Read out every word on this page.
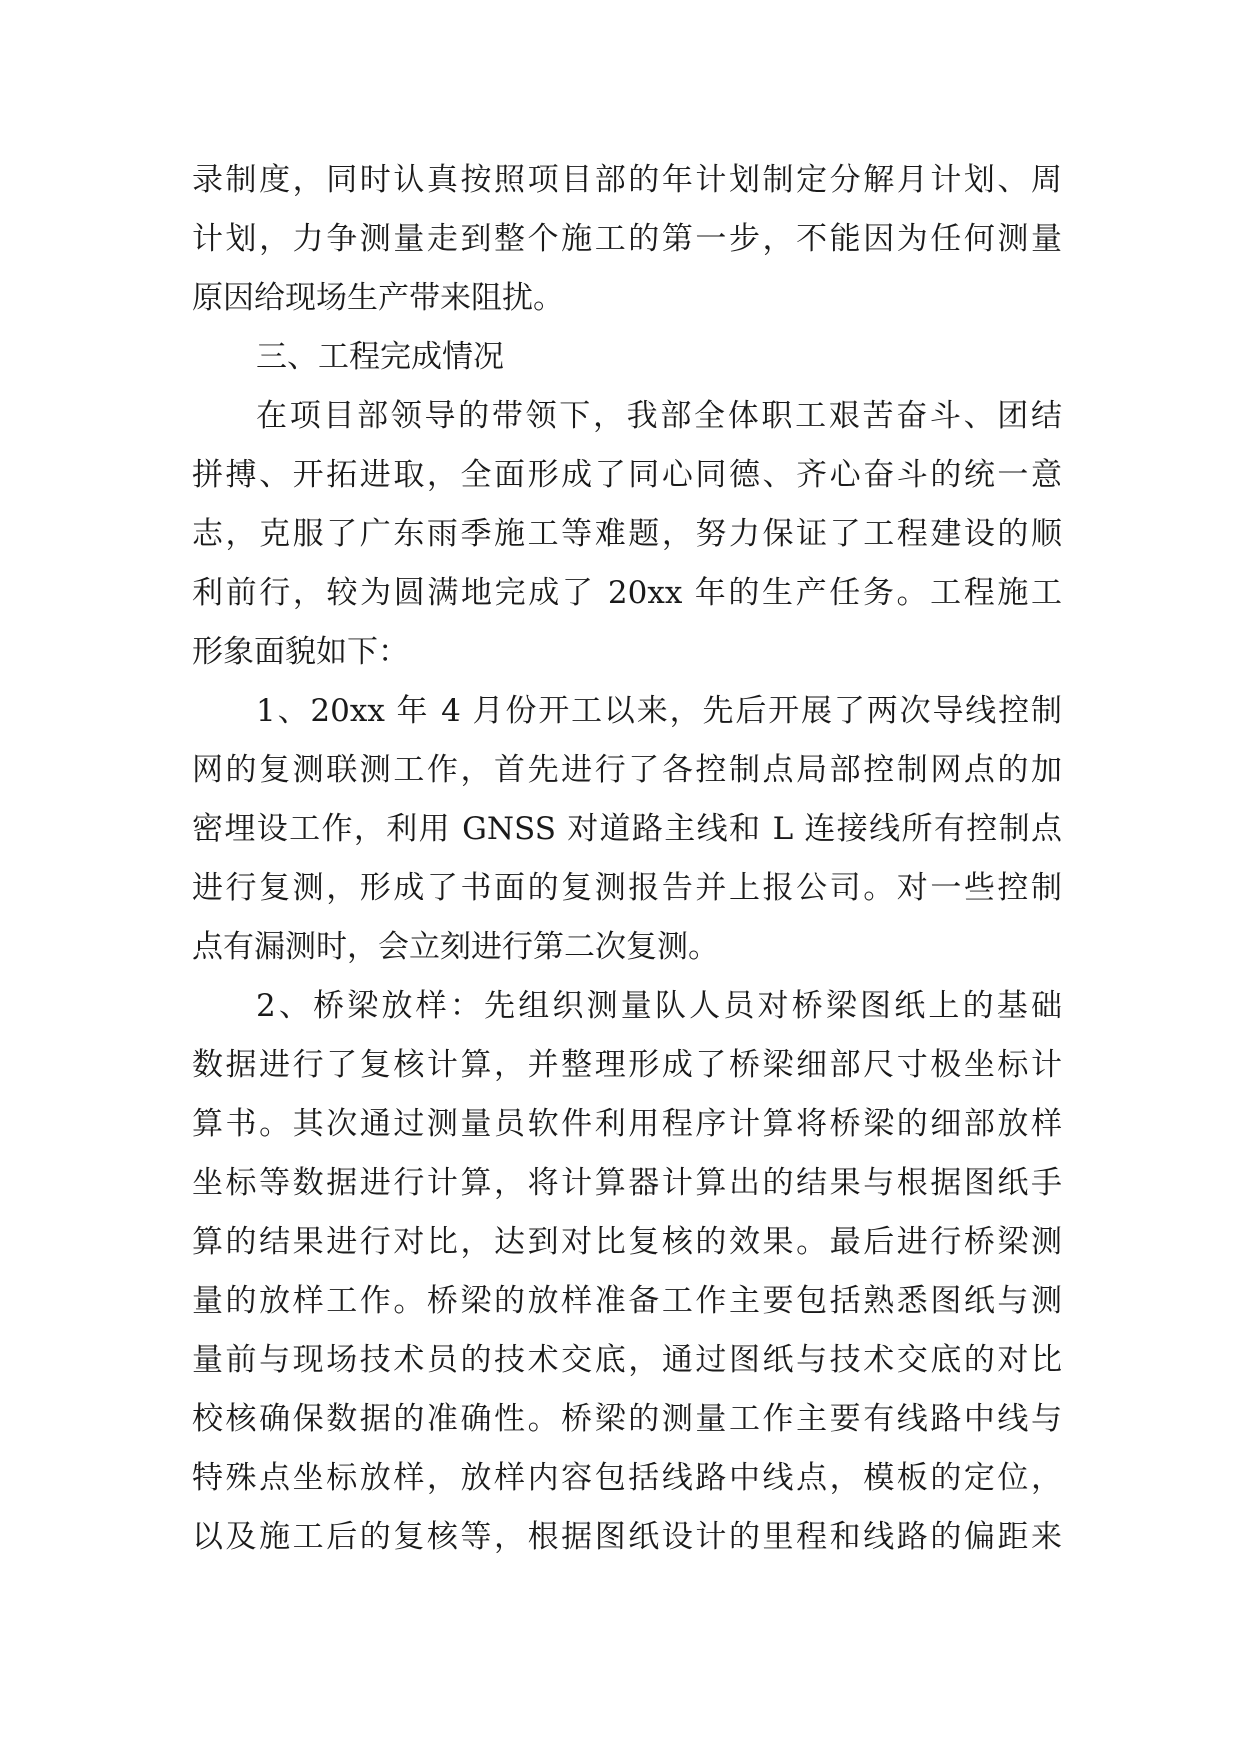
录制度，同时认真按照项目部的年计划制定分解月计划、周
计划，力争测量走到整个施工的第一步，不能因为任何测量
原因给现场生产带来阻扰。
三、工程完成情况
在项目部领导的带领下，我部全体职工艰苦奋斗、团结
拼搏、开拓进取，全面形成了同心同德、齐心奋斗的统一意
志，克服了广东雨季施工等难题，努力保证了工程建设的顺
利前行，较为圆满地完成了 20xx 年的生产任务。工程施工
形象面貌如下：
1、20xx 年 4 月份开工以来，先后开展了两次导线控制
网的复测联测工作，首先进行了各控制点局部控制网点的加
密埋设工作，利用 GNSS 对道路主线和 L 连接线所有控制点
进行复测，形成了书面的复测报告并上报公司。对一些控制
点有漏测时，会立刻进行第二次复测。
2、桥梁放样：先组织测量队人员对桥梁图纸上的基础
数据进行了复核计算，并整理形成了桥梁细部尺寸极坐标计
算书。其次通过测量员软件利用程序计算将桥梁的细部放样
坐标等数据进行计算，将计算器计算出的结果与根据图纸手
算的结果进行对比，达到对比复核的效果。最后进行桥梁测
量的放样工作。桥梁的放样准备工作主要包括熟悉图纸与测
量前与现场技术员的技术交底，通过图纸与技术交底的对比
校核确保数据的准确性。桥梁的测量工作主要有线路中线与
特殊点坐标放样，放样内容包括线路中线点，模板的定位，
以及施工后的复核等，根据图纸设计的里程和线路的偏距来
